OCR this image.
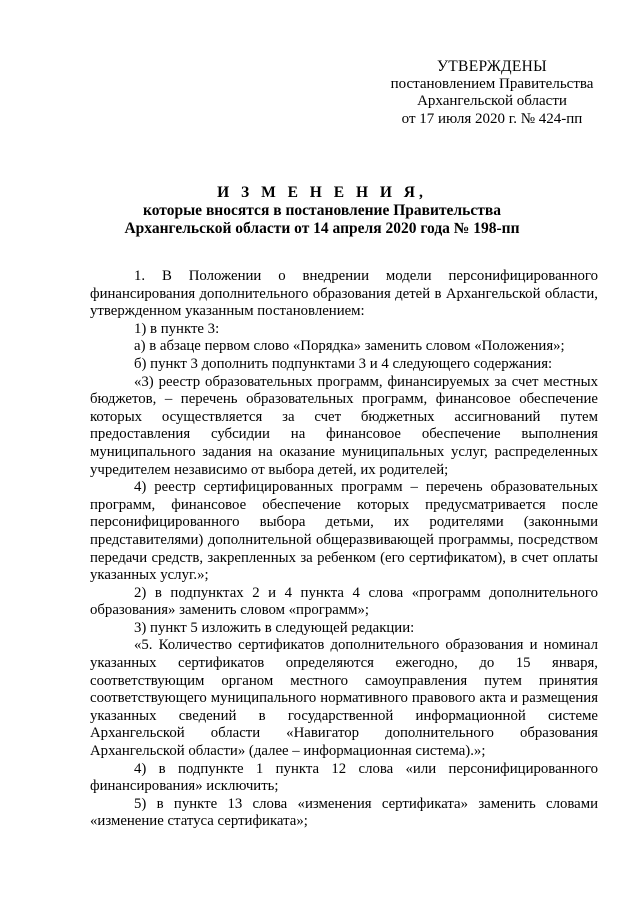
УТВЕРЖДЕНЫ
постановлением Правительства
Архангельской области
от 17 июля 2020 г. № 424-пп
И З М Е Н Е Н И Я,
которые вносятся в постановление Правительства
Архангельской области от 14 апреля 2020 года № 198-пп

1. В Положении о внедрении модели персонифицированного финансирования дополнительного образования детей в Архангельской области, утвержденном указанным постановлением:

1) в пункте 3:

а) в абзаце первом слово «Порядка» заменить словом «Положения»;

б) пункт 3 дополнить подпунктами 3 и 4 следующего содержания:

«3) реестр образовательных программ, финансируемых за счет местных бюджетов, – перечень образовательных программ, финансовое обеспечение которых осуществляется за счет бюджетных ассигнований путем предоставления субсидии на финансовое обеспечение выполнения муниципального задания на оказание муниципальных услуг, распределенных учредителем независимо от выбора детей, их родителей;

4) реестр сертифицированных программ – перечень образовательных программ, финансовое обеспечение которых предусматривается после персонифицированного выбора детьми, их родителями (законными представителями) дополнительной общеразвивающей программы, посредством передачи средств, закрепленных за ребенком (его сертификатом), в счет оплаты указанных услуг.»;

2) в подпунктах 2 и 4 пункта 4 слова «программ дополнительного образования» заменить словом «программ»;

3) пункт 5 изложить в следующей редакции:

«5. Количество сертификатов дополнительного образования и номинал указанных сертификатов определяются ежегодно, до 15 января, соответствующим органом местного самоуправления путем принятия соответствующего муниципального нормативного правового акта и размещения указанных сведений в государственной информационной системе Архангельской области «Навигатор дополнительного образования Архангельской области» (далее – информационная система).»;

4) в подпункте 1 пункта 12 слова «или персонифицированного финансирования» исключить;

5) в пункте 13 слова «изменения сертификата» заменить словами «изменение статуса сертификата»;
